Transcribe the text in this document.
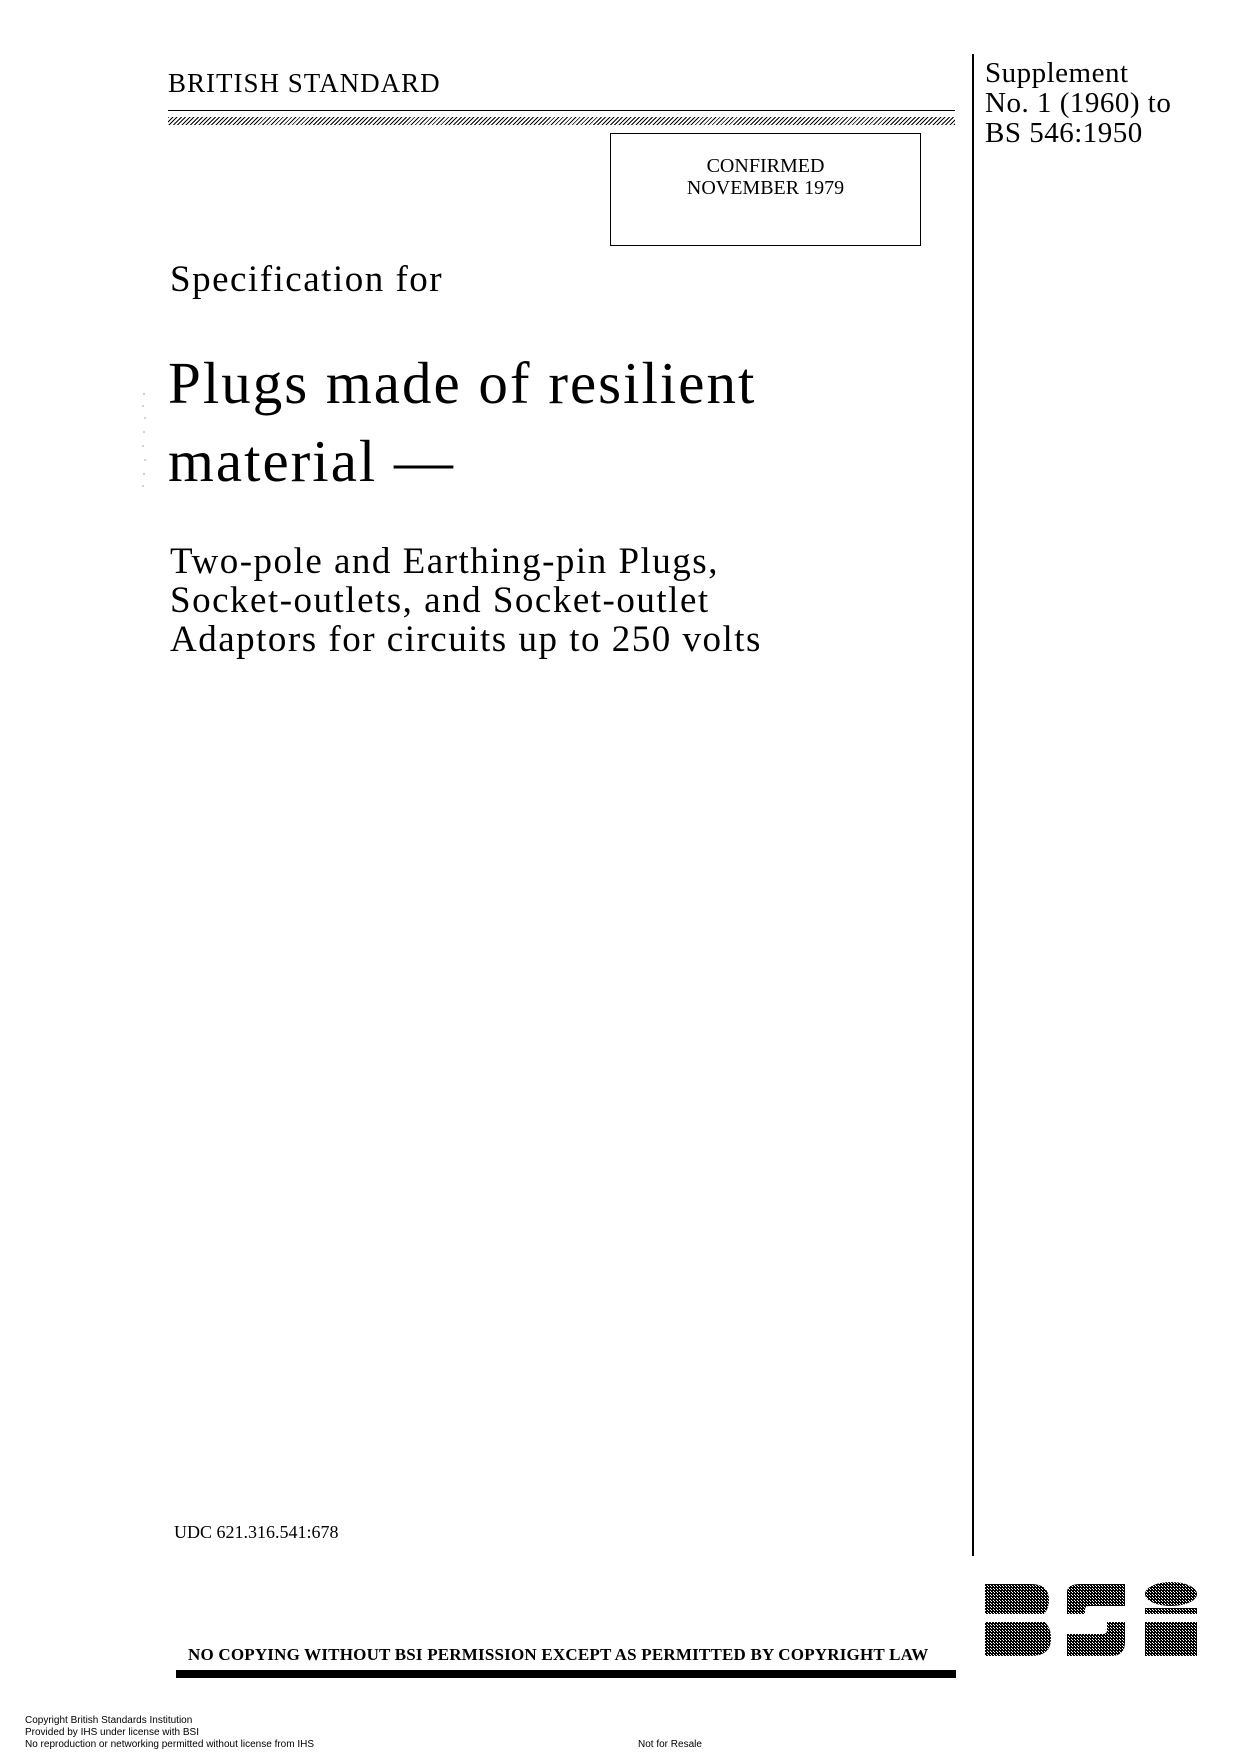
BRITISH STANDARD	Supplement
No. 1 (1960) to
BS 546:1950
CONFIRMED
NOVEMBER 1979
Specification for
Plugs made of resilient
material —
Two-pole and Earthing-pin Plugs,
Socket-outlets, and Socket-outlet
Adaptors for circuits up to 250 volts
UDC 621.316.541:678
NO COPYING WITHOUT BSI PERMISSION EXCEPT AS PERMITTED BY COPYRIGHT LAW
Copyright British Standards Institution
Provided by IHS under license with BSI
No reproduction or networking permitted without license from IHS	Not for Resale
